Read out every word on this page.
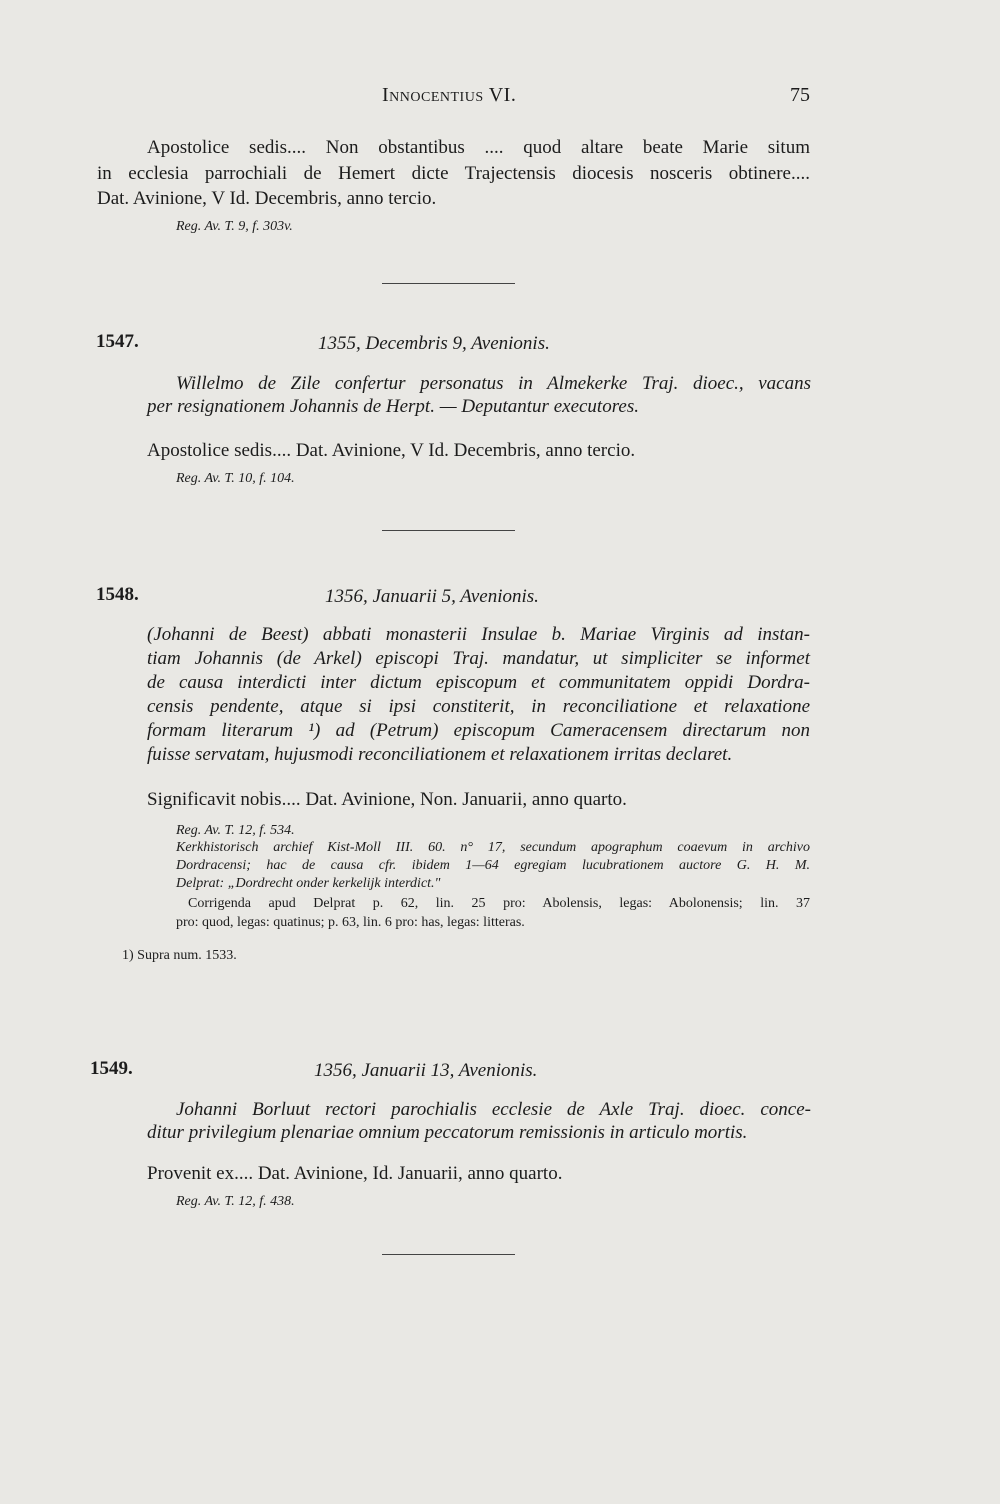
Innocentius VI.	75
Apostolice sedis.... Non obstantibus .... quod altare beate Marie situm
in ecclesia parrochiali de Hemert dicte Trajectensis diocesis nosceris obtinere....
Dat. Avinione, V Id. Decembris, anno tercio.
Reg. Av. T. 9, f. 303v.
1547.	1355, Decembris 9, Avenionis.
Willelmo de Zile confertur personatus in Almekerke Traj. dioec., vacans
per resignationem Johannis de Herpt. — Deputantur executores.
Apostolice sedis.... Dat. Avinione, V Id. Decembris, anno tercio.
Reg. Av. T. 10, f. 104.
1548.	1356, Januarii 5, Avenionis.
(Johanni de Beest) abbati monasterii Insulae b. Mariae Virginis ad instan-
tiam Johannis (de Arkel) episcopi Traj. mandatur, ut simpliciter se informet
de causa interdicti inter dictum episcopum et communitatem oppidi Dordra-
censis pendente, atque si ipsi constiterit, in reconciliatione et relaxatione
formam literarum ¹) ad (Petrum) episcopum Cameracensem directarum non
fuisse servatam, hujusmodi reconciliationem et relaxationem irritas declaret.
Significavit nobis.... Dat. Avinione, Non. Januarii, anno quarto.
Reg. Av. T. 12, f. 534.
Kerkhistorisch archief Kist-Moll III. 60. n° 17, secundum apographum coaevum in archivo
Dordracensi; hac de causa cfr. ibidem 1—64 egregiam lucubrationem auctore G. H. M.
Delprat: „Dordrecht onder kerkelijk interdict."
Corrigenda apud Delprat p. 62, lin. 25 pro: Abolensis, legas: Abolonensis; lin. 37
pro: quod, legas: quatinus; p. 63, lin. 6 pro: has, legas: litteras.
1) Supra num. 1533.
1549.	1356, Januarii 13, Avenionis.
Johanni Borluut rectori parochialis ecclesie de Axle Traj. dioec. conce-
ditur privilegium plenariae omnium peccatorum remissionis in articulo mortis.
Provenit ex.... Dat. Avinione, Id. Januarii, anno quarto.
Reg. Av. T. 12, f. 438.
